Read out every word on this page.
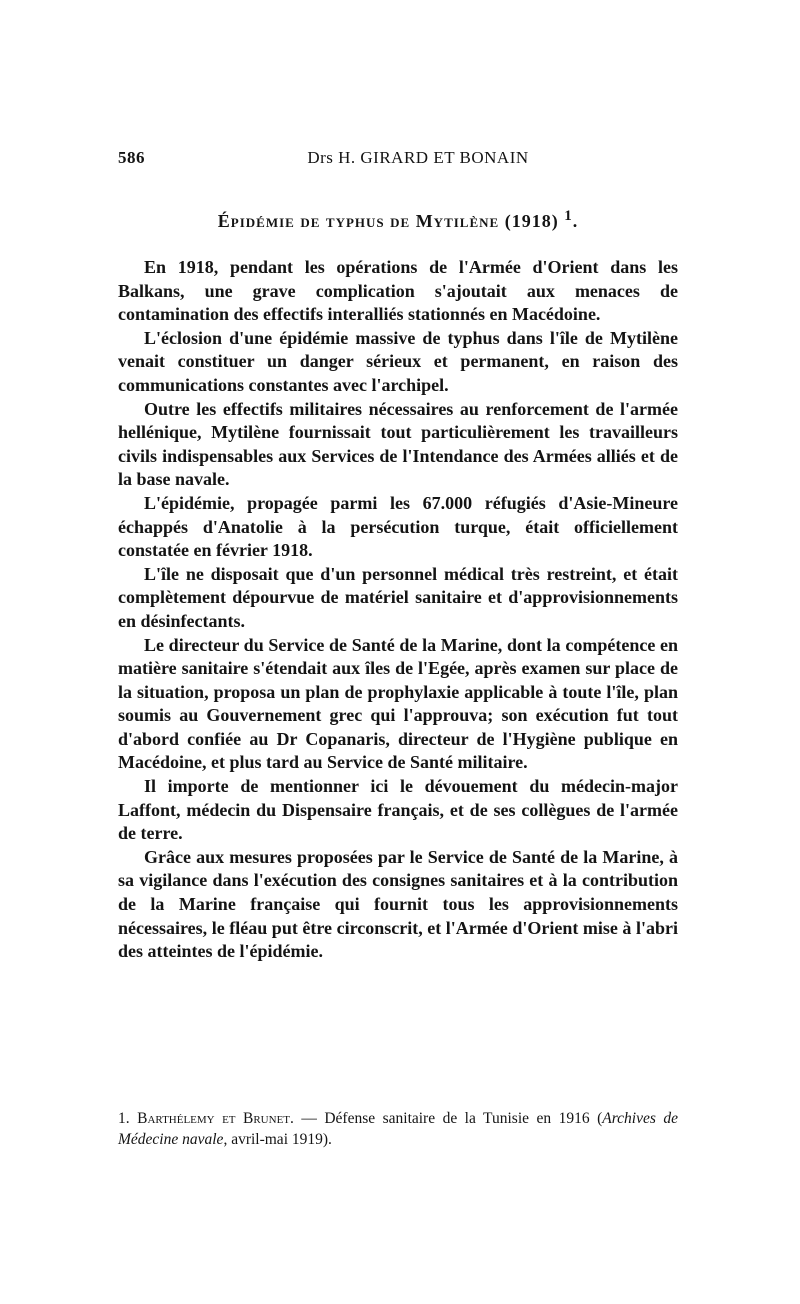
586	Drs H. GIRARD ET BONAIN
Épidémie de typhus de Mytilène (1918) $^1$.

En 1918, pendant les opérations de l'Armée d'Orient dans les Balkans, une grave complication s'ajoutait aux menaces de contamination des effectifs interalliés stationnés en Macédoine.

L'éclosion d'une épidémie massive de typhus dans l'île de Mytilène venait constituer un danger sérieux et permanent, en raison des communications constantes avec l'archipel.

Outre les effectifs militaires nécessaires au renforcement de l'armée hellénique, Mytilène fournissait tout particulièrement les travailleurs civils indispensables aux Services de l'Intendance des Armées alliés et de la base navale.

L'épidémie, propagée parmi les 67.000 réfugiés d'Asie-Mineure échappés d'Anatolie à la persécution turque, était officiellement constatée en février 1918.

L'île ne disposait que d'un personnel médical très restreint, et était complètement dépourvue de matériel sanitaire et d'approvisionnements en désinfectants.

Le directeur du Service de Santé de la Marine, dont la compétence en matière sanitaire s'étendait aux îles de l'Egée, après examen sur place de la situation, proposa un plan de prophylaxie applicable à toute l'île, plan soumis au Gouvernement grec qui l'approuva; son exécution fut tout d'abord confiée au Dr Copanaris, directeur de l'Hygiène publique en Macédoine, et plus tard au Service de Santé militaire.

Il importe de mentionner ici le dévouement du médecin-major Laffont, médecin du Dispensaire français, et de ses collègues de l'armée de terre.

Grâce aux mesures proposées par le Service de Santé de la Marine, à sa vigilance dans l'exécution des consignes sanitaires et à la contribution de la Marine française qui fournit tous les approvisionnements nécessaires, le fléau put être circonscrit, et l'Armée d'Orient mise à l'abri des atteintes de l'épidémie.

1. Barthélemy et Brunet. — Défense sanitaire de la Tunisie en 1916 (Archives de Médecine navale, avril-mai 1919).
